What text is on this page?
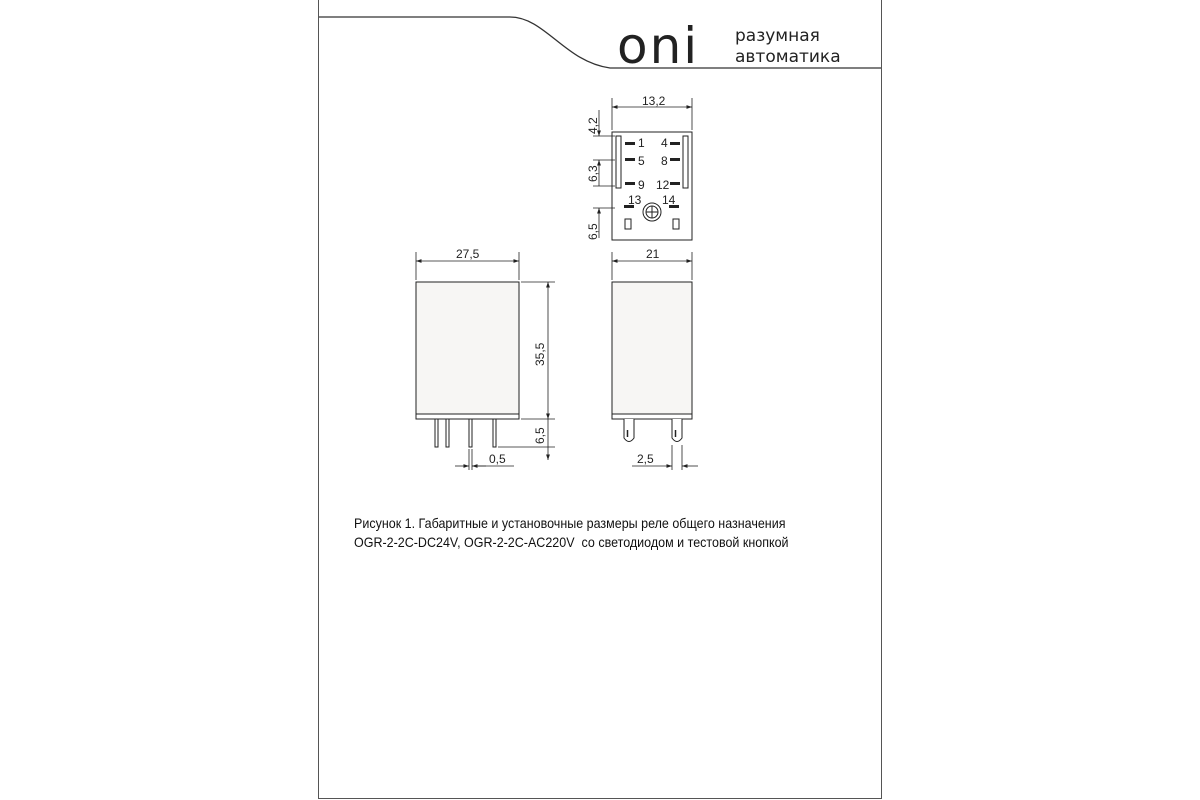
oni разумная
автоматика
13,2
4,2
6,3
6,5
1 4
5 8
9 12
13 14
27,5
35,5
6,5
0,5
21
2,5
Рисунок 1. Габаритные и установочные размеры реле общего назначения
OGR-2-2C-DC24V, OGR-2-2C-AC220V  со светодиодом и тестовой кнопкой
